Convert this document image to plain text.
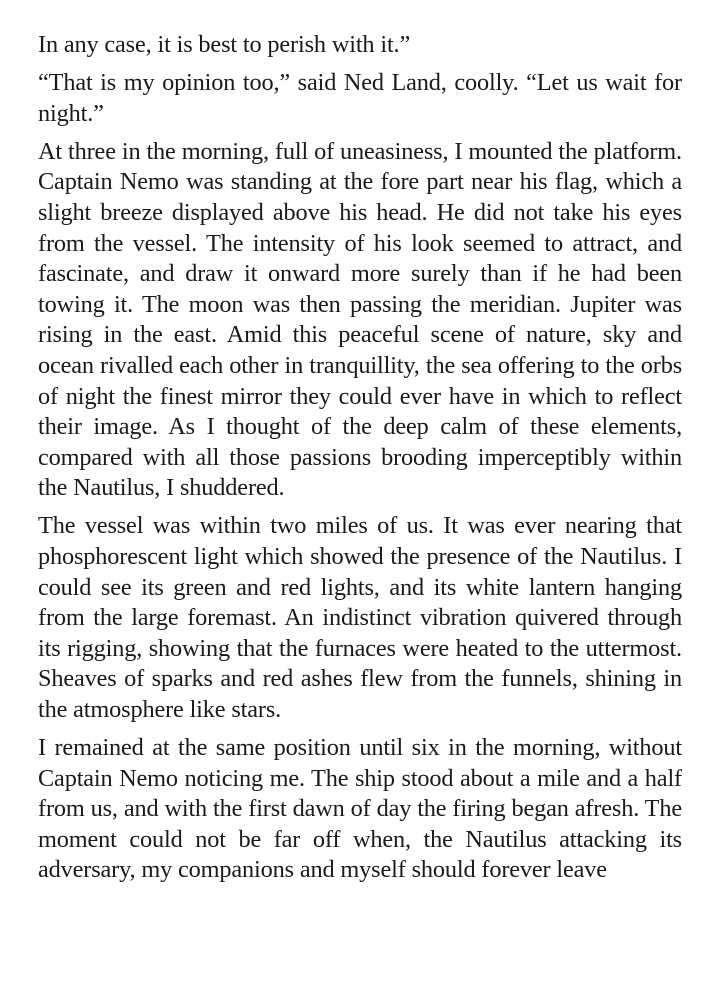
In any case, it is best to perish with it.”

“That is my opinion too,” said Ned Land, coolly. “Let us wait for night.”

At three in the morning, full of uneasiness, I mounted the platform. Captain Nemo was standing at the fore part near his flag, which a slight breeze displayed above his head. He did not take his eyes from the vessel. The intensity of his look seemed to attract, and fascinate, and draw it onward more surely than if he had been towing it. The moon was then passing the meridian. Jupiter was rising in the east. Amid this peaceful scene of nature, sky and ocean rivalled each other in tranquillity, the sea offering to the orbs of night the finest mirror they could ever have in which to reflect their image. As I thought of the deep calm of these elements, compared with all those passions brooding imperceptibly within the Nautilus, I shuddered.

The vessel was within two miles of us. It was ever nearing that phosphorescent light which showed the presence of the Nautilus. I could see its green and red lights, and its white lantern hanging from the large foremast. An indistinct vibration quivered through its rigging, showing that the furnaces were heated to the uttermost. Sheaves of sparks and red ashes flew from the funnels, shining in the atmosphere like stars.

I remained at the same position until six in the morning, without Captain Nemo noticing me. The ship stood about a mile and a half from us, and with the first dawn of day the firing began afresh. The moment could not be far off when, the Nautilus attacking its adversary, my companions and myself should forever leave
